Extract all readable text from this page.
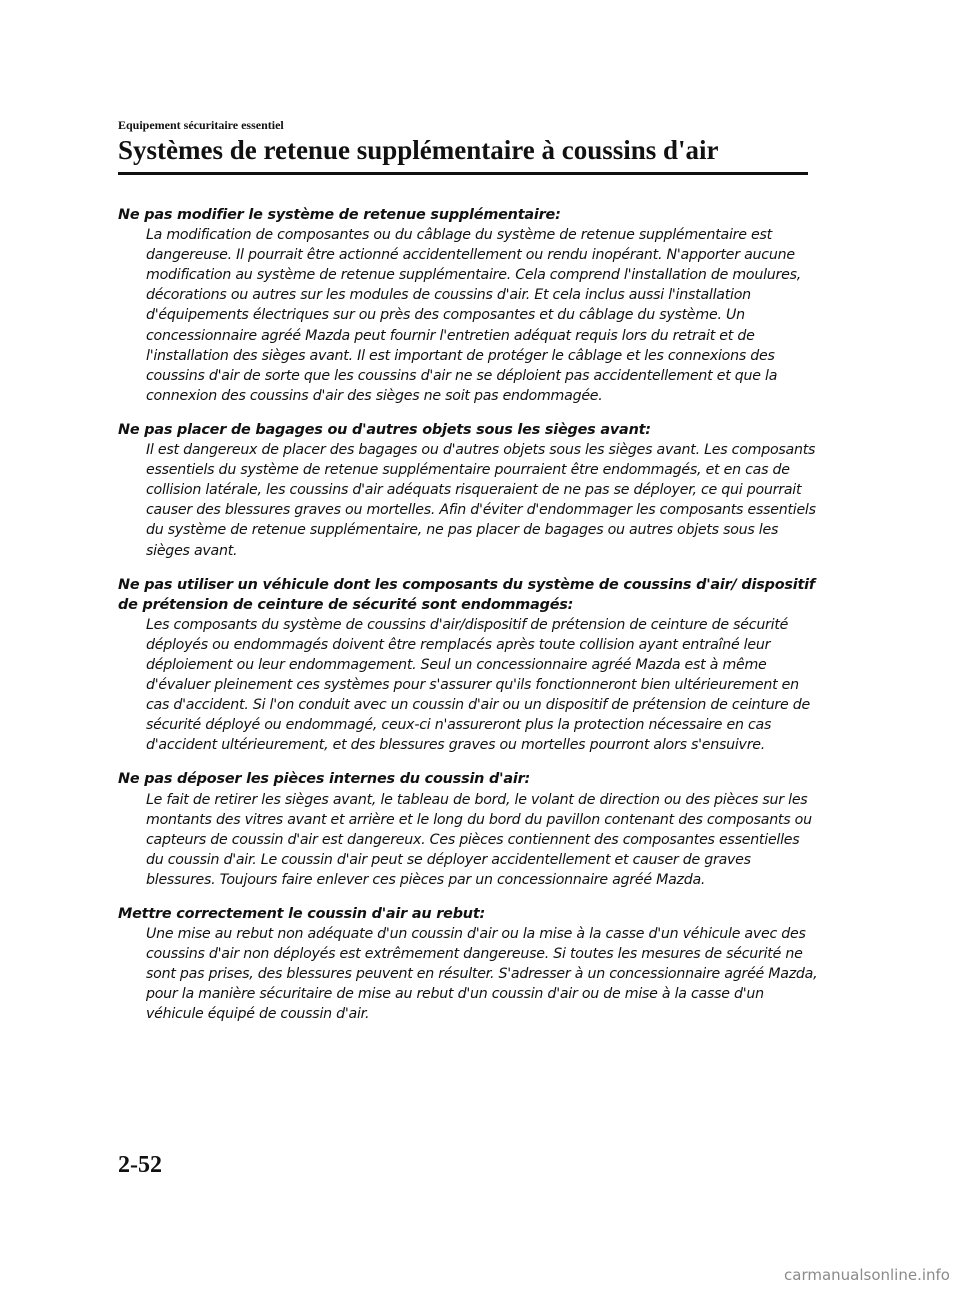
Equipement sécuritaire essentiel
Systèmes de retenue supplémentaire à coussins d'air
Ne pas modifier le système de retenue supplémentaire:

La modification de composantes ou du câblage du système de retenue supplémentaire est dangereuse. Il pourrait être actionné accidentellement ou rendu inopérant. N'apporter aucune modification au système de retenue supplémentaire. Cela comprend l'installation de moulures, décorations ou autres sur les modules de coussins d'air. Et cela inclus aussi l'installation d'équipements électriques sur ou près des composantes et du câblage du système. Un concessionnaire agréé Mazda peut fournir l'entretien adéquat requis lors du retrait et de l'installation des sièges avant. Il est important de protéger le câblage et les connexions des coussins d'air de sorte que les coussins d'air ne se déploient pas accidentellement et que la connexion des coussins d'air des sièges ne soit pas endommagée.

Ne pas placer de bagages ou d'autres objets sous les sièges avant:

Il est dangereux de placer des bagages ou d'autres objets sous les sièges avant. Les composants essentiels du système de retenue supplémentaire pourraient être endommagés, et en cas de collision latérale, les coussins d'air adéquats risqueraient de ne pas se déployer, ce qui pourrait causer des blessures graves ou mortelles. Afin d'éviter d'endommager les composants essentiels du système de retenue supplémentaire, ne pas placer de bagages ou autres objets sous les sièges avant.

Ne pas utiliser un véhicule dont les composants du système de coussins d'air/ dispositif de prétension de ceinture de sécurité sont endommagés:

Les composants du système de coussins d'air/dispositif de prétension de ceinture de sécurité déployés ou endommagés doivent être remplacés après toute collision ayant entraîné leur déploiement ou leur endommagement. Seul un concessionnaire agréé Mazda est à même d'évaluer pleinement ces systèmes pour s'assurer qu'ils fonctionneront bien ultérieurement en cas d'accident. Si l'on conduit avec un coussin d'air ou un dispositif de prétension de ceinture de sécurité déployé ou endommagé, ceux-ci n'assureront plus la protection nécessaire en cas d'accident ultérieurement, et des blessures graves ou mortelles pourront alors s'ensuivre.

Ne pas déposer les pièces internes du coussin d'air:

Le fait de retirer les sièges avant, le tableau de bord, le volant de direction ou des pièces sur les montants des vitres avant et arrière et le long du bord du pavillon contenant des composants ou capteurs de coussin d'air est dangereux. Ces pièces contiennent des composantes essentielles du coussin d'air. Le coussin d'air peut se déployer accidentellement et causer de graves blessures. Toujours faire enlever ces pièces par un concessionnaire agréé Mazda.

Mettre correctement le coussin d'air au rebut:

Une mise au rebut non adéquate d'un coussin d'air ou la mise à la casse d'un véhicule avec des coussins d'air non déployés est extrêmement dangereuse. Si toutes les mesures de sécurité ne sont pas prises, des blessures peuvent en résulter. S'adresser à un concessionnaire agréé Mazda, pour la manière sécuritaire de mise au rebut d'un coussin d'air ou de mise à la casse d'un véhicule équipé de coussin d'air.

2-52
carmanualsonline.info
